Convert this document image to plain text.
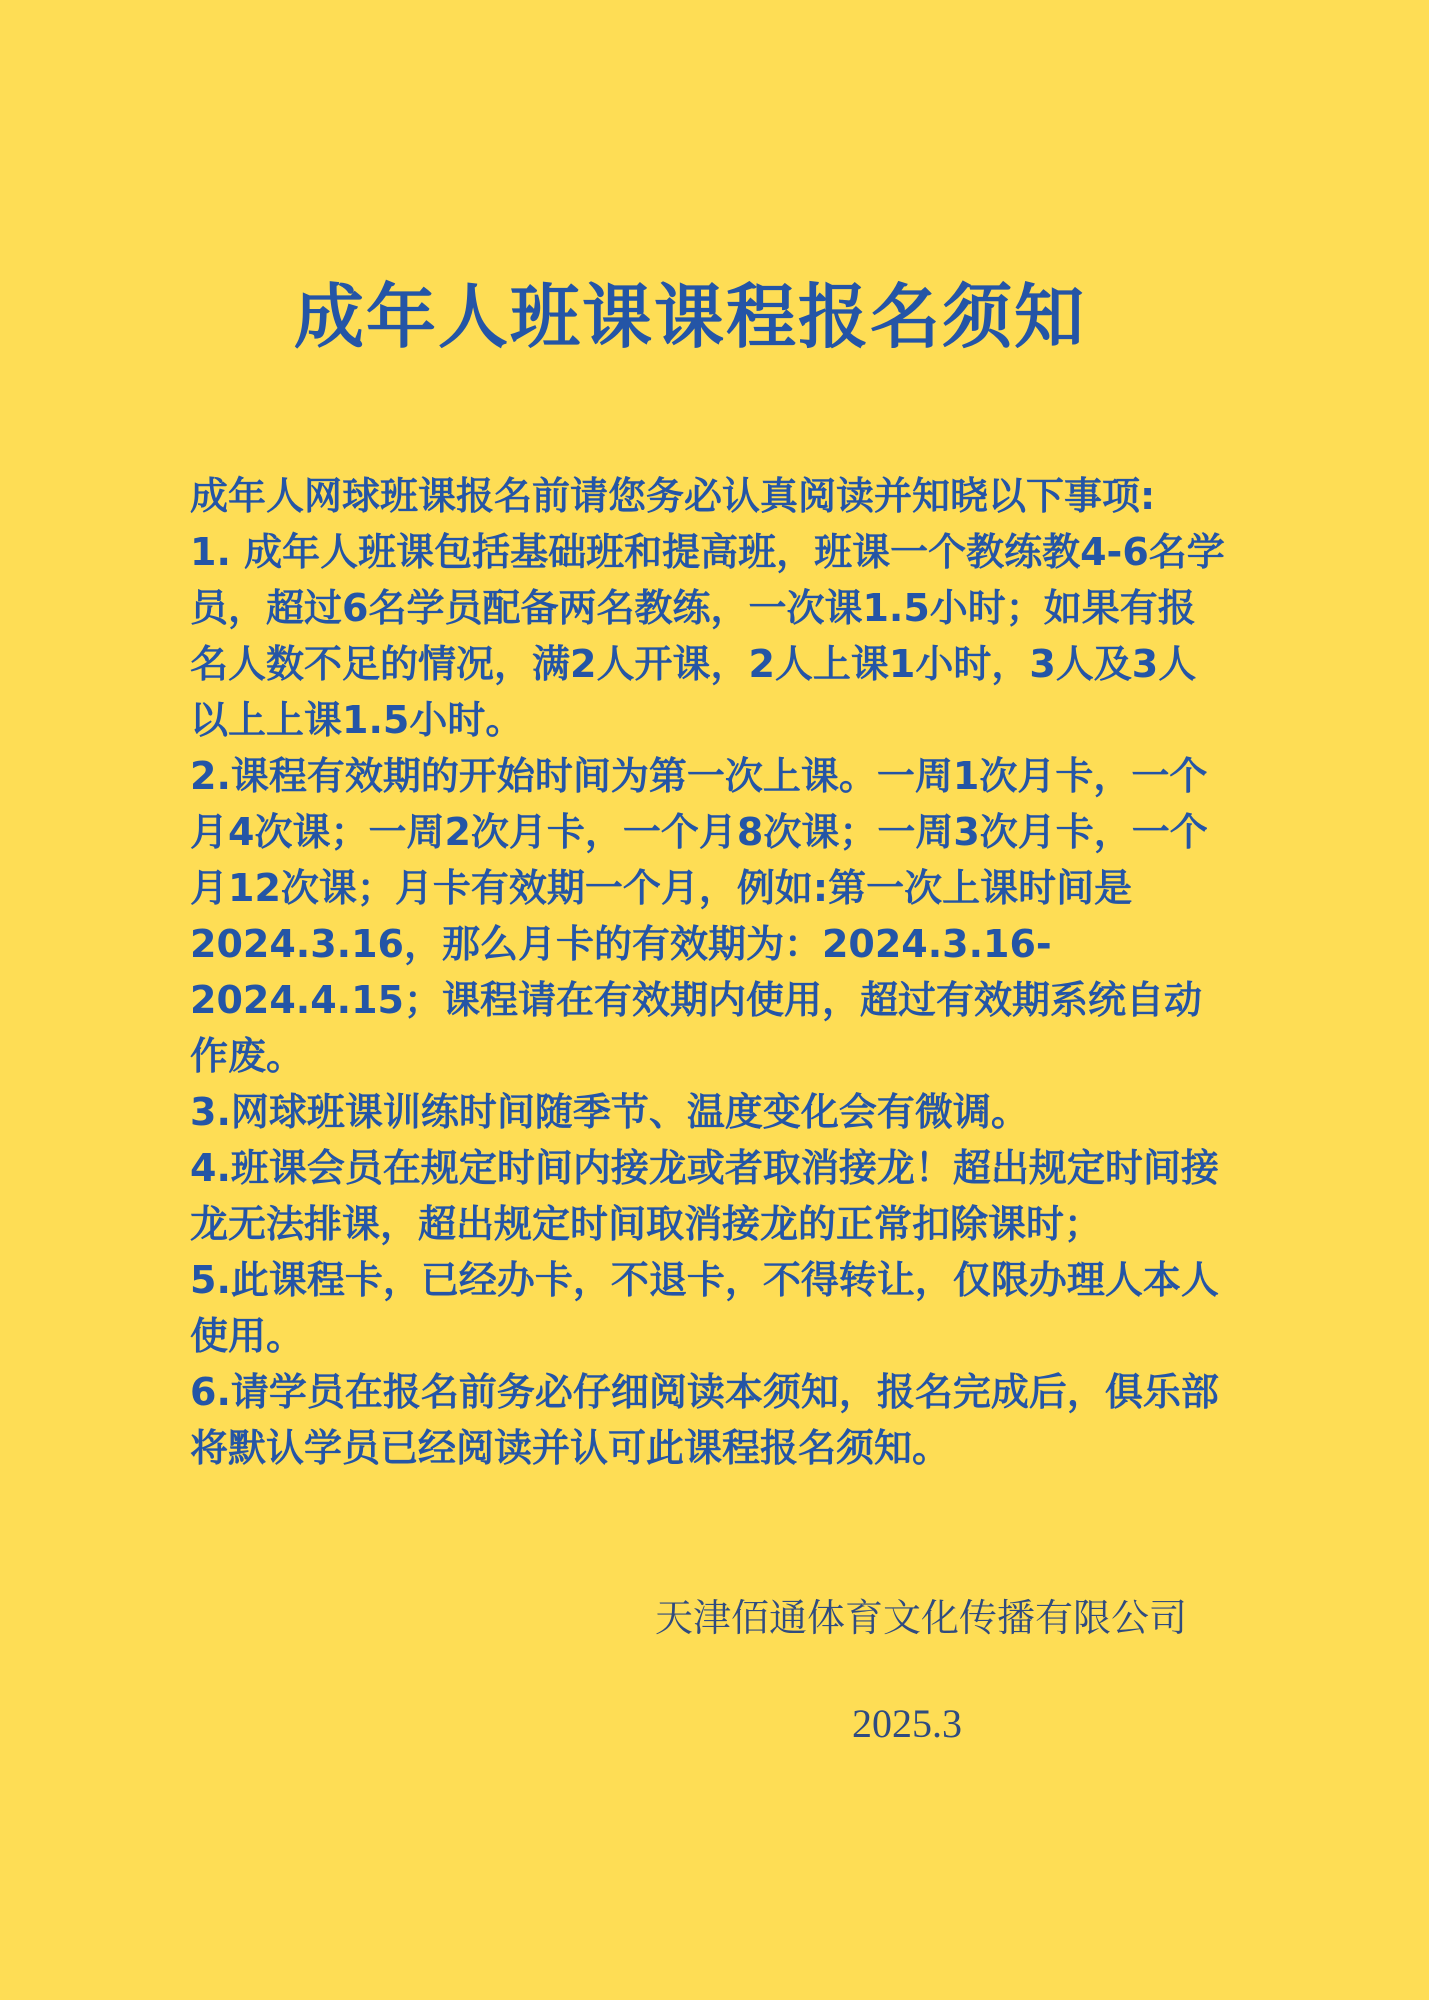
成年人班课课程报名须知

成年人网球班课报名前请您务必认真阅读并知晓以下事项:

1. 成年人班课包括基础班和提高班，班课一个教练教4-6名学员，超过6名学员配备两名教练，一次课1.5小时；如果有报名人数不足的情况，满2人开课，2人上课1小时，3人及3人以上上课1.5小时。

2.课程有效期的开始时间为第一次上课。一周1次月卡，一个月4次课；一周2次月卡，一个月8次课；一周3次月卡，一个月12次课；月卡有效期一个月，例如:第一次上课时间是2024.3.16，那么月卡的有效期为：2024.3.16-2024.4.15；课程请在有效期内使用，超过有效期系统自动作废。

3.网球班课训练时间随季节、温度变化会有微调。

4.班课会员在规定时间内接龙或者取消接龙！超出规定时间接龙无法排课，超出规定时间取消接龙的正常扣除课时；

5.此课程卡，已经办卡，不退卡，不得转让，仅限办理人本人使用。

6.请学员在报名前务必仔细阅读本须知，报名完成后，俱乐部将默认学员已经阅读并认可此课程报名须知。

天津佰通体育文化传播有限公司

2025.3
